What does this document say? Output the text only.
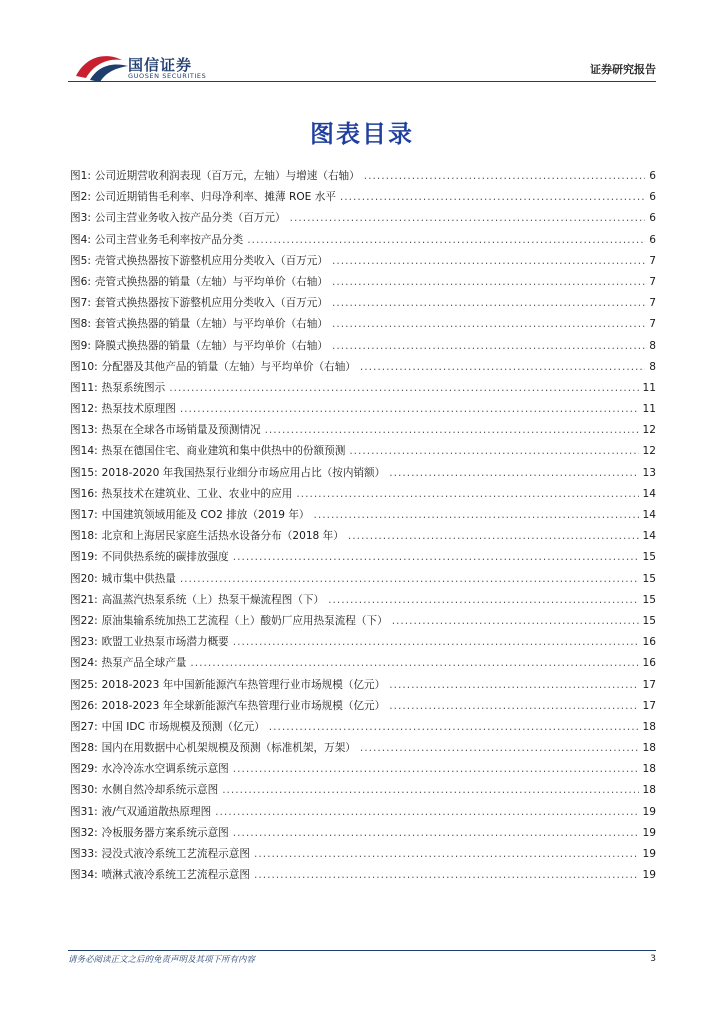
国信证券
GUOSEN SECURITIES	证券研究报告
图表目录
图1: 公司近期营收利润表现（百万元，左轴）与增速（右轴） .....	6
图2: 公司近期销售毛利率、归母净利率、摊薄 ROE 水平 .....	6
图3: 公司主营业务收入按产品分类（百万元） .....	6
图4: 公司主营业务毛利率按产品分类 .....	6
图5: 壳管式换热器按下游整机应用分类收入（百万元） .....	7
图6: 壳管式换热器的销量（左轴）与平均单价（右轴） .....	7
图7: 套管式换热器按下游整机应用分类收入（百万元） .....	7
图8: 套管式换热器的销量（左轴）与平均单价（右轴） .....	7
图9: 降膜式换热器的销量（左轴）与平均单价（右轴） .....	8
图10: 分配器及其他产品的销量（左轴）与平均单价（右轴） .....	8
图11: 热泵系统图示 .....	11
图12: 热泵技术原理图 .....	11
图13: 热泵在全球各市场销量及预测情况 .....	12
图14: 热泵在德国住宅、商业建筑和集中供热中的份额预测 .....	12
图15: 2018-2020 年我国热泵行业细分市场应用占比（按内销额） .....	13
图16: 热泵技术在建筑业、工业、农业中的应用 .....	14
图17: 中国建筑领域用能及 CO2 排放（2019 年） .....	14
图18: 北京和上海居民家庭生活热水设备分布（2018 年） .....	14
图19: 不同供热系统的碳排放强度 .....	15
图20: 城市集中供热量 .....	15
图21: 高温蒸汽热泵系统（上）热泵干燥流程图（下） .....	15
图22: 原油集输系统加热工艺流程（上）酸奶厂应用热泵流程（下） .....	15
图23: 欧盟工业热泵市场潜力概要 .....	16
图24: 热泵产品全球产量 .....	16
图25: 2018-2023 年中国新能源汽车热管理行业市场规模（亿元） .....	17
图26: 2018-2023 年全球新能源汽车热管理行业市场规模（亿元） .....	17
图27: 中国 IDC 市场规模及预测（亿元） .....	18
图28: 国内在用数据中心机架规模及预测（标准机架，万架） .....	18
图29: 水冷冷冻水空调系统示意图 .....	18
图30: 水侧自然冷却系统示意图 .....	18
图31: 液/气双通道散热原理图 .....	19
图32: 冷板服务器方案系统示意图 .....	19
图33: 浸没式液冷系统工艺流程示意图 .....	19
图34: 喷淋式液冷系统工艺流程示意图 .....	19
请务必阅读正文之后的免责声明及其项下所有内容	3
